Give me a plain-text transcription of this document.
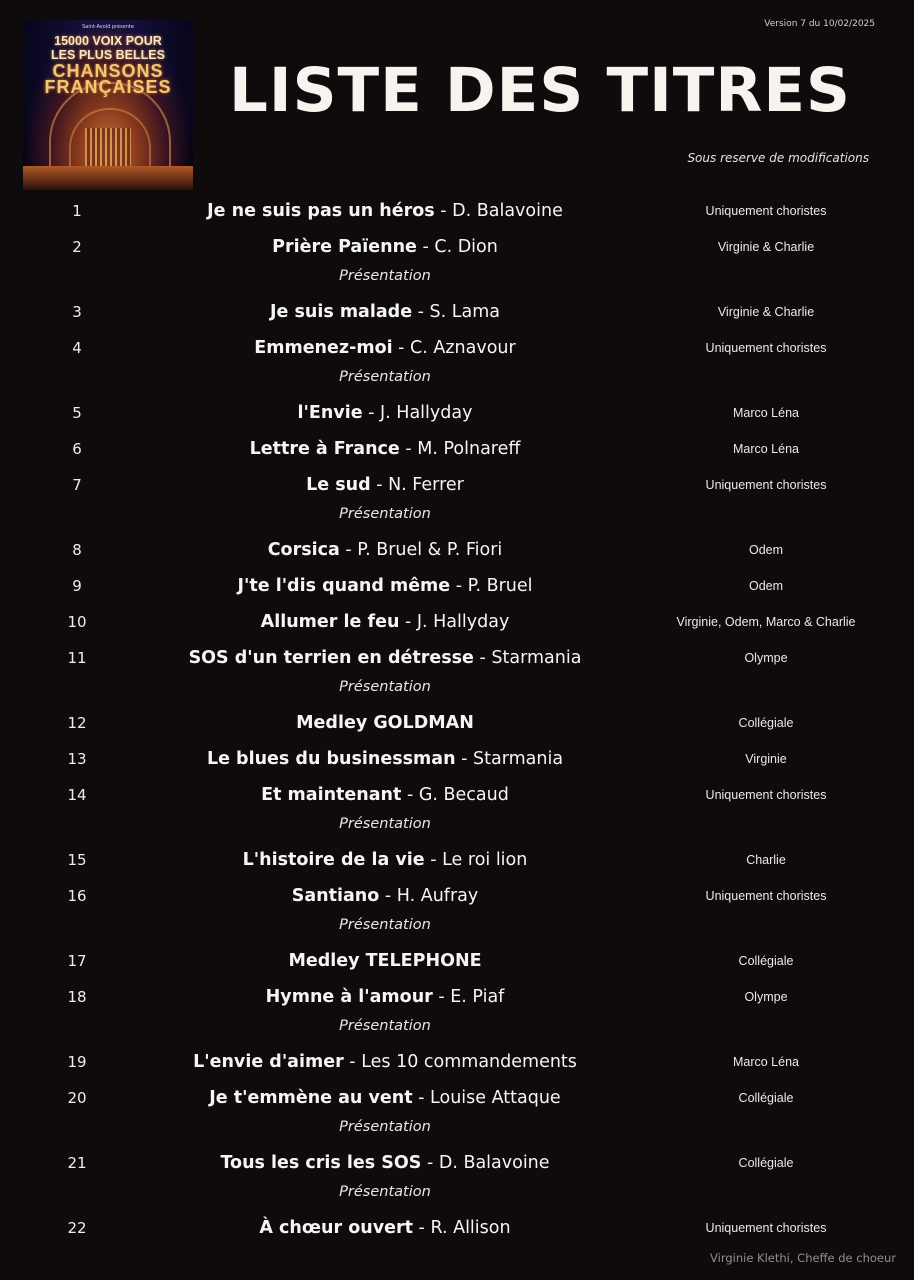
Saint-Avold présente
15000 VOIX POUR
LES PLUS BELLES
CHANSONS
FRANÇAISES
Version 7 du 10/02/2025
LISTE DES TITRES
Sous reserve de modifications
1	Je ne suis pas un héros - D. Balavoine	Uniquement choristes
2	Prière Païenne - C. Dion	Virginie & Charlie
Présentation
3	Je suis malade - S. Lama	Virginie & Charlie
4	Emmenez-moi - C. Aznavour	Uniquement choristes
Présentation
5	l'Envie - J. Hallyday	Marco Léna
6	Lettre à France - M. Polnareff	Marco Léna
7	Le sud - N. Ferrer	Uniquement choristes
Présentation
8	Corsica - P. Bruel & P. Fiori	Odem
9	J'te l'dis quand même - P. Bruel	Odem
10	Allumer le feu - J. Hallyday	Virginie, Odem, Marco & Charlie
11	SOS d'un terrien en détresse - Starmania	Olympe
Présentation
12	Medley GOLDMAN	Collégiale
13	Le blues du businessman - Starmania	Virginie
14	Et maintenant - G. Becaud	Uniquement choristes
Présentation
15	L'histoire de la vie - Le roi lion	Charlie
16	Santiano - H. Aufray	Uniquement choristes
Présentation
17	Medley TELEPHONE	Collégiale
18	Hymne à l'amour - E. Piaf	Olympe
Présentation
19	L'envie d'aimer - Les 10 commandements	Marco Léna
20	Je t'emmène au vent - Louise Attaque	Collégiale
Présentation
21	Tous les cris les SOS - D. Balavoine	Collégiale
Présentation
22	À chœur ouvert - R. Allison	Uniquement choristes
Virginie Klethi, Cheffe de choeur
